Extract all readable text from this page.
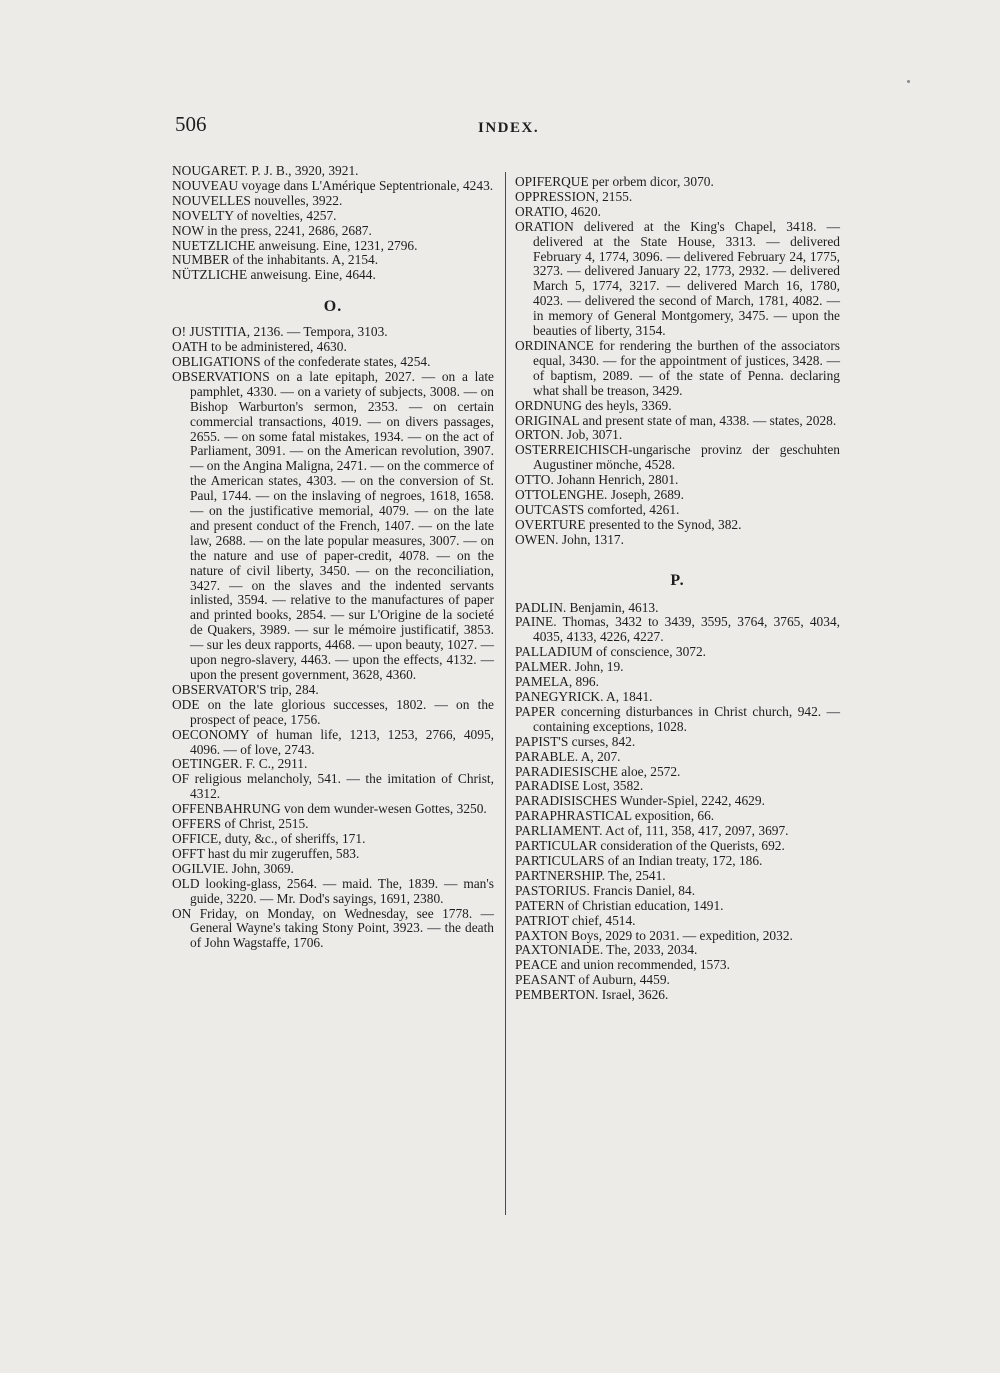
506	INDEX.

NOUGARET. P. J. B., 3920, 3921.

NOUVEAU voyage dans L'Amérique Septentrionale, 4243.

NOUVELLES nouvelles, 3922.

NOVELTY of novelties, 4257.

NOW in the press, 2241, 2686, 2687.

NUETZLICHE anweisung. Eine, 1231, 2796.

NUMBER of the inhabitants. A, 2154.

NÜTZLICHE anweisung. Eine, 4644.

O.

O! JUSTITIA, 2136. — Tempora, 3103.

OATH to be administered, 4630.

OBLIGATIONS of the confederate states, 4254.

OBSERVATIONS on a late epitaph, 2027. — on a late pamphlet, 4330. — on a variety of subjects, 3008. — on Bishop Warburton's sermon, 2353. — on certain commercial transactions, 4019. — on divers passages, 2655. — on some fatal mistakes, 1934. — on the act of Parliament, 3091. — on the American revolution, 3907. — on the Angina Maligna, 2471. — on the commerce of the American states, 4303. — on the conversion of St. Paul, 1744. — on the inslaving of negroes, 1618, 1658. — on the justificative memorial, 4079. — on the late and present conduct of the French, 1407. — on the late law, 2688. — on the late popular measures, 3007. — on the nature and use of paper-credit, 4078. — on the nature of civil liberty, 3450. — on the reconciliation, 3427. — on the slaves and the indented servants inlisted, 3594. — relative to the manufactures of paper and printed books, 2854. — sur L'Origine de la societé de Quakers, 3989. — sur le mémoire justificatif, 3853. — sur les deux rapports, 4468. — upon beauty, 1027. — upon negro-slavery, 4463. — upon the effects, 4132. — upon the present government, 3628, 4360.

OBSERVATOR'S trip, 284.

ODE on the late glorious successes, 1802. — on the prospect of peace, 1756.

OECONOMY of human life, 1213, 1253, 2766, 4095, 4096. — of love, 2743.

OETINGER. F. C., 2911.

OF religious melancholy, 541. — the imitation of Christ, 4312.

OFFENBAHRUNG von dem wunder-wesen Gottes, 3250.

OFFERS of Christ, 2515.

OFFICE, duty, &c., of sheriffs, 171.

OFFT hast du mir zugeruffen, 583.

OGILVIE. John, 3069.

OLD looking-glass, 2564. — maid. The, 1839. — man's guide, 3220. — Mr. Dod's sayings, 1691, 2380.

ON Friday, on Monday, on Wednesday, see 1778. — General Wayne's taking Stony Point, 3923. — the death of John Wagstaffe, 1706.

OPIFERQUE per orbem dicor, 3070.

OPPRESSION, 2155.

ORATIO, 4620.

ORATION delivered at the King's Chapel, 3418. — delivered at the State House, 3313. — delivered February 4, 1774, 3096. — delivered February 24, 1775, 3273. — delivered January 22, 1773, 2932. — delivered March 5, 1774, 3217. — delivered March 16, 1780, 4023. — delivered the second of March, 1781, 4082. — in memory of General Montgomery, 3475. — upon the beauties of liberty, 3154.

ORDINANCE for rendering the burthen of the associators equal, 3430. — for the appointment of justices, 3428. — of baptism, 2089. — of the state of Penna. declaring what shall be treason, 3429.

ORDNUNG des heyls, 3369.

ORIGINAL and present state of man, 4338. — states, 2028.

ORTON. Job, 3071.

OSTERREICHISCH-ungarische provinz der geschuhten Augustiner mönche, 4528.

OTTO. Johann Henrich, 2801.

OTTOLENGHE. Joseph, 2689.

OUTCASTS comforted, 4261.

OVERTURE presented to the Synod, 382.

OWEN. John, 1317.

P.

PADLIN. Benjamin, 4613.

PAINE. Thomas, 3432 to 3439, 3595, 3764, 3765, 4034, 4035, 4133, 4226, 4227.

PALLADIUM of conscience, 3072.

PALMER. John, 19.

PAMELA, 896.

PANEGYRICK. A, 1841.

PAPER concerning disturbances in Christ church, 942. — containing exceptions, 1028.

PAPIST'S curses, 842.

PARABLE. A, 207.

PARADIESISCHE aloe, 2572.

PARADISE Lost, 3582.

PARADISISCHES Wunder-Spiel, 2242, 4629.

PARAPHRASTICAL exposition, 66.

PARLIAMENT. Act of, 111, 358, 417, 2097, 3697.

PARTICULAR consideration of the Querists, 692.

PARTICULARS of an Indian treaty, 172, 186.

PARTNERSHIP. The, 2541.

PASTORIUS. Francis Daniel, 84.

PATERN of Christian education, 1491.

PATRIOT chief, 4514.

PAXTON Boys, 2029 to 2031. — expedition, 2032.

PAXTONIADE. The, 2033, 2034.

PEACE and union recommended, 1573.

PEASANT of Auburn, 4459.

PEMBERTON. Israel, 3626.
